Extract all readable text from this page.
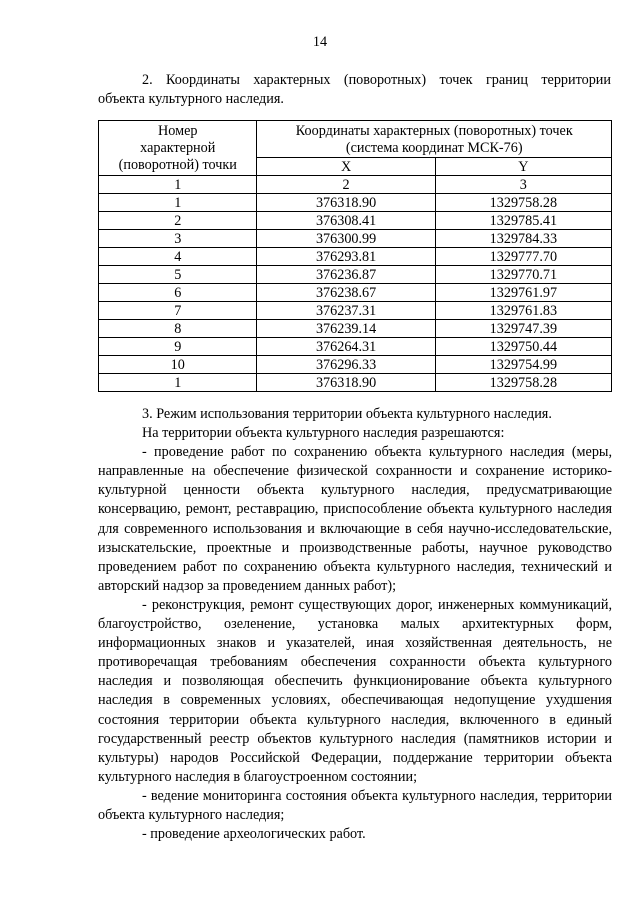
14
2. Координаты характерных (поворотных) точек границ территории
объекта культурного наследия.
Номер
характерной
(поворотной) точки	Координаты характерных (поворотных) точек
(система координат МСК-76)	
	X	Y
1	2	3
1	376318.90	1329758.28
2	376308.41	1329785.41
3	376300.99	1329784.33
4	376293.81	1329777.70
5	376236.87	1329770.71
6	376238.67	1329761.97
7	376237.31	1329761.83
8	376239.14	1329747.39
9	376264.31	1329750.44
10	376296.33	1329754.99
1	376318.90	1329758.28

3. Режим использования территории объекта культурного наследия.

На территории объекта культурного наследия разрешаются:

- проведение работ по сохранению объекта культурного наследия (меры, направленные на обеспечение физической сохранности и сохранение историко-культурной ценности объекта культурного наследия, предусматривающие консервацию, ремонт, реставрацию, приспособление объекта культурного наследия для современного использования и включающие в себя научно-исследовательские, изыскательские, проектные и производственные работы, научное руководство проведением работ по сохранению объекта культурного наследия, технический и авторский надзор за проведением данных работ);

- реконструкция, ремонт существующих дорог, инженерных коммуникаций, благоустройство, озеленение, установка малых архитектурных форм, информационных знаков и указателей, иная хозяйственная деятельность, не противоречащая требованиям обеспечения сохранности объекта культурного наследия и позволяющая обеспечить функционирование объекта культурного наследия в современных условиях, обеспечивающая недопущение ухудшения состояния территории объекта культурного наследия, включенного в единый государственный реестр объектов культурного наследия (памятников истории и культуры) народов Российской Федерации, поддержание территории объекта культурного наследия в благоустроенном состоянии;

- ведение мониторинга состояния объекта культурного наследия, территории объекта культурного наследия;

- проведение археологических работ.
